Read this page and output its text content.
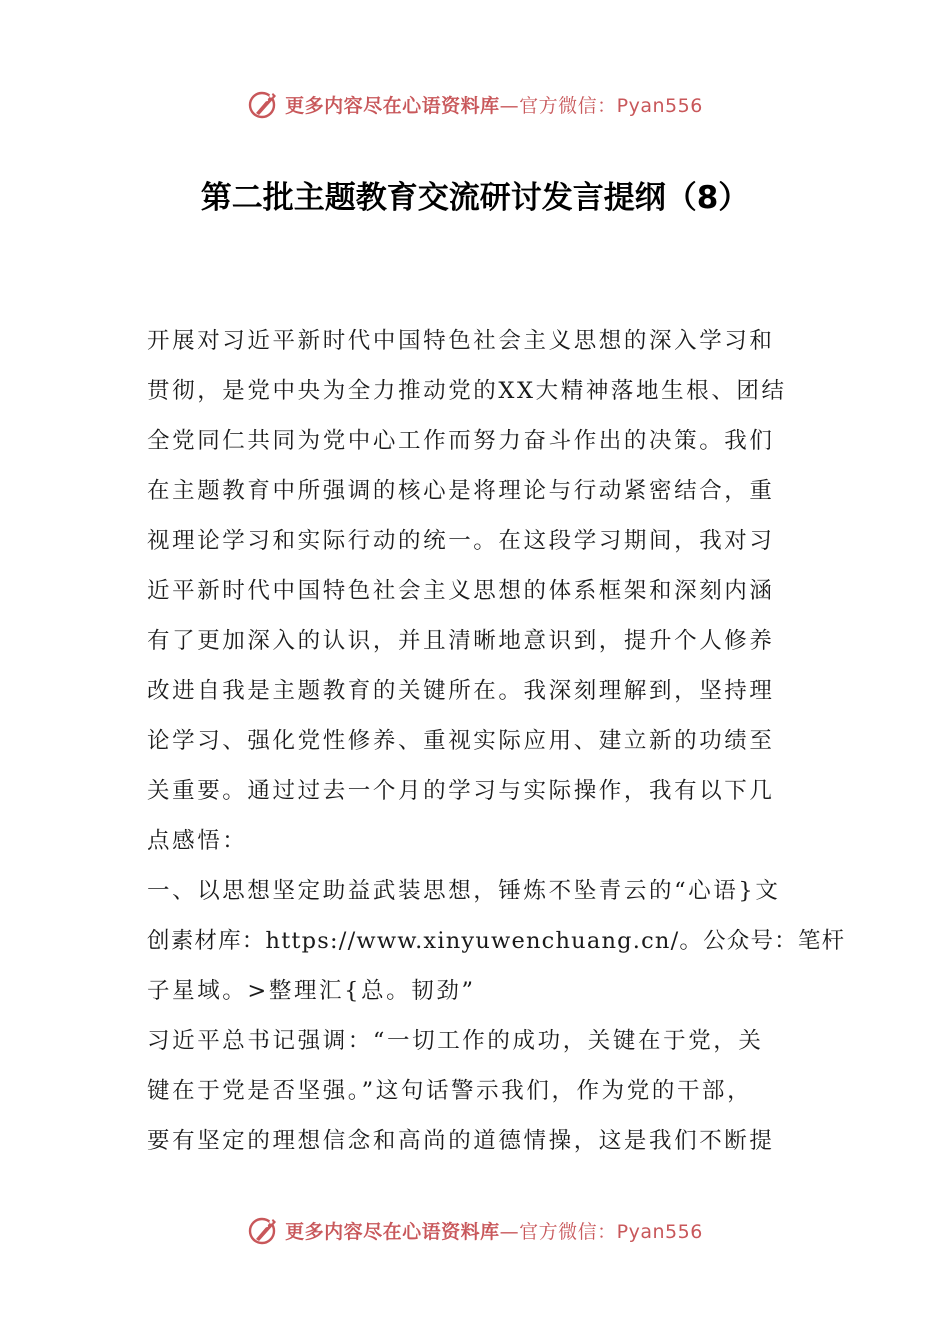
更多内容尽在心语资料库—官方微信：Pyan556
第二批主题教育交流研讨发言提纲（8）
开展对习近平新时代中国特色社会主义思想的深入学习和
贯彻，是党中央为全力推动党的XX大精神落地生根、团结
全党同仁共同为党中心工作而努力奋斗作出的决策。我们
在主题教育中所强调的核心是将理论与行动紧密结合，重
视理论学习和实际行动的统一。在这段学习期间，我对习
近平新时代中国特色社会主义思想的体系框架和深刻内涵
有了更加深入的认识，并且清晰地意识到，提升个人修养
改进自我是主题教育的关键所在。我深刻理解到，坚持理
论学习、强化党性修养、重视实际应用、建立新的功绩至
关重要。通过过去一个月的学习与实际操作，我有以下几
点感悟：
一、以思想坚定助益武装思想，锤炼不坠青云的“心语}文
创素材库：https://www.xinyuwenchuang.cn/。公众号：笔杆
子星域。>整理汇{总。韧劲”
习近平总书记强调：“一切工作的成功，关键在于党，关
键在于党是否坚强。”这句话警示我们，作为党的干部，
要有坚定的理想信念和高尚的道德情操，这是我们不断提
更多内容尽在心语资料库—官方微信：Pyan556
